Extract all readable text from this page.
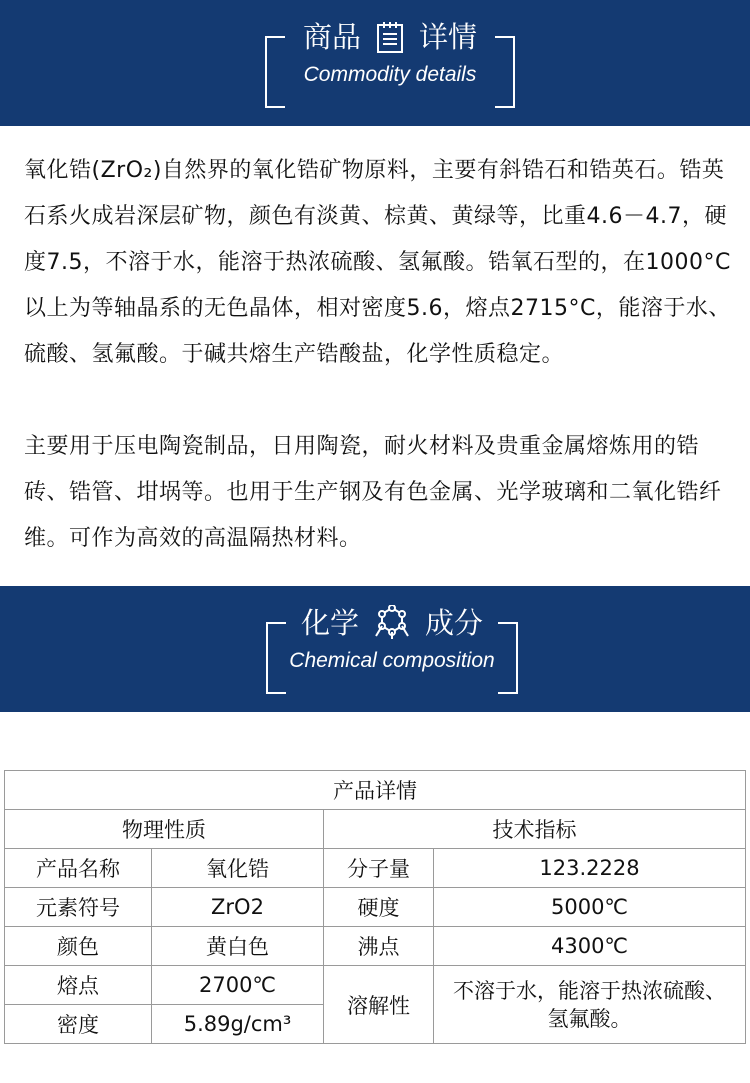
商品 详情
Commodity details

氧化锆(ZrO₂)自然界的氧化锆矿物原料，主要有斜锆石和锆英石。锆英石系火成岩深层矿物，颜色有淡黄、棕黄、黄绿等，比重4.6－4.7，硬度7.5，不溶于水，能溶于热浓硫酸、氢氟酸。锆氧石型的，在1000°C以上为等轴晶系的无色晶体，相对密度5.6，熔点2715°C，能溶于水、硫酸、氢氟酸。于碱共熔生产锆酸盐，化学性质稳定。

主要用于压电陶瓷制品，日用陶瓷，耐火材料及贵重金属熔炼用的锆砖、锆管、坩埚等。也用于生产钢及有色金属、光学玻璃和二氧化锆纤维。可作为高效的高温隔热材料。

化学 成分
Chemical composition
产品详情			
物理性质		技术指标	
产品名称	氧化锆	分子量	123.2228
元素符号	ZrO2	硬度	5000℃
颜色	黄白色	沸点	4300℃
熔点	2700℃	溶解性	不溶于水，能溶于热浓硫酸、
氢氟酸。

密度	5.89g/cm³		
